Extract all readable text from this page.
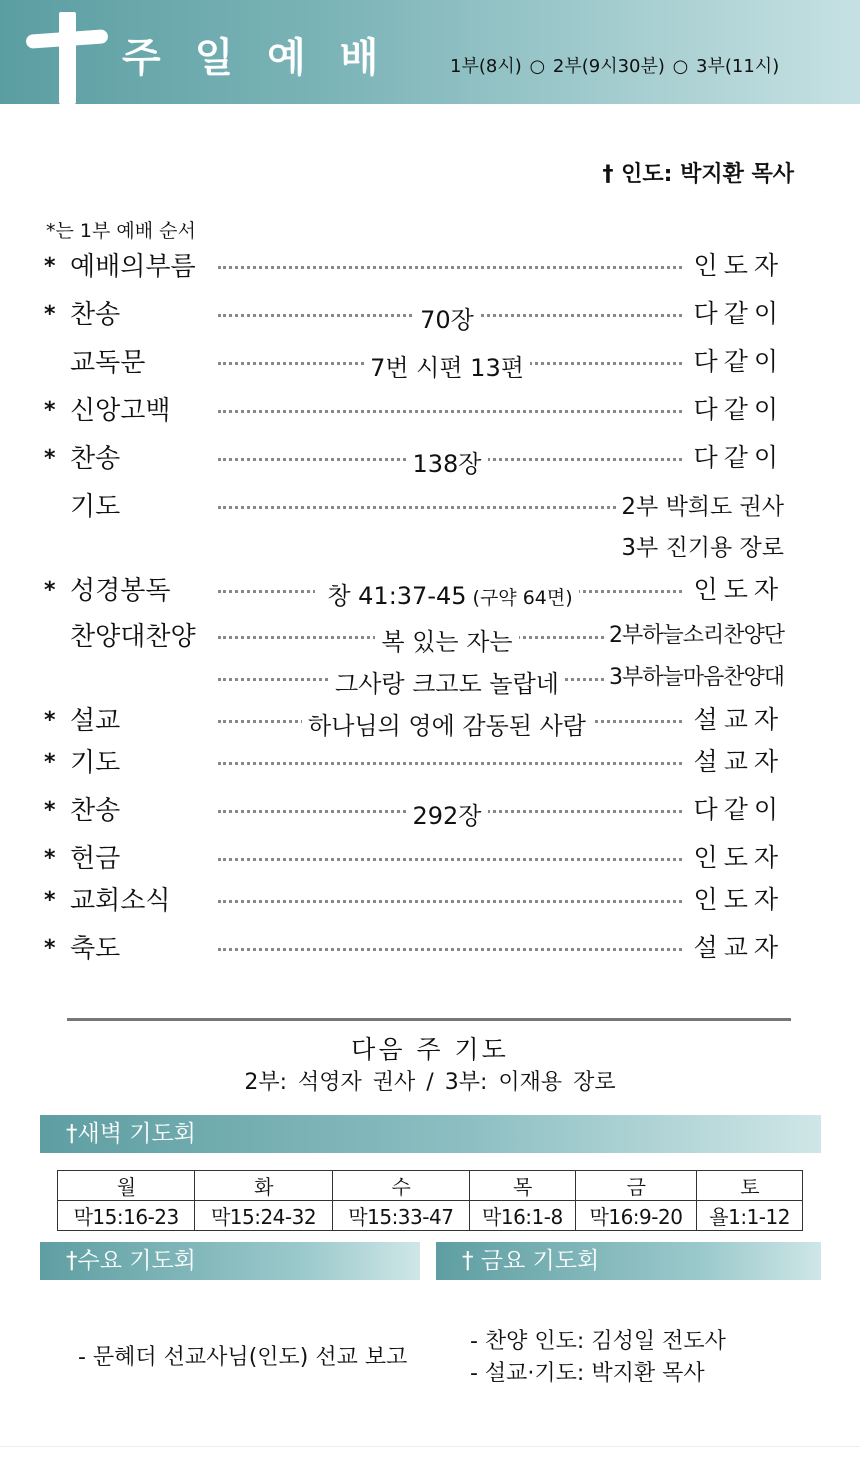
주 일 예 배	1부(8시) ○ 2부(9시30분) ○ 3부(11시)
† 인도: 박지환 목사
*는 1부 예배 순서
* 예배의부름	인도자
* 찬송	70장	다같이
교독문	7번 시편 13편	다같이
* 신앙고백	다같이
* 찬송	138장	다같이
기도	2부 박희도 권사
3부 진기용 장로
* 성경봉독	창 41:37-45 (구약 64면)	인도자
찬양대찬양	복 있는 자는	2부하늘소리찬양단
그사랑 크고도 놀랍네	3부하늘마음찬양대
* 설교	하나님의 영에 감동된 사람	설교자
* 기도	설교자
* 찬송	292장	다같이
* 헌금	인도자
* 교회소식	인도자
* 축도	설교자
다음 주 기도
2부: 석영자 권사 / 3부: 이재용 장로
†새벽 기도회
월	화	수	목	금	토
막15:16-23	막15:24-32	막15:33-47	막16:1-8	막16:9-20	욜1:1-12
†수요 기도회	† 금요 기도회
- 문혜더 선교사님(인도) 선교 보고
- 찬양 인도: 김성일 전도사
- 설교·기도: 박지환 목사
